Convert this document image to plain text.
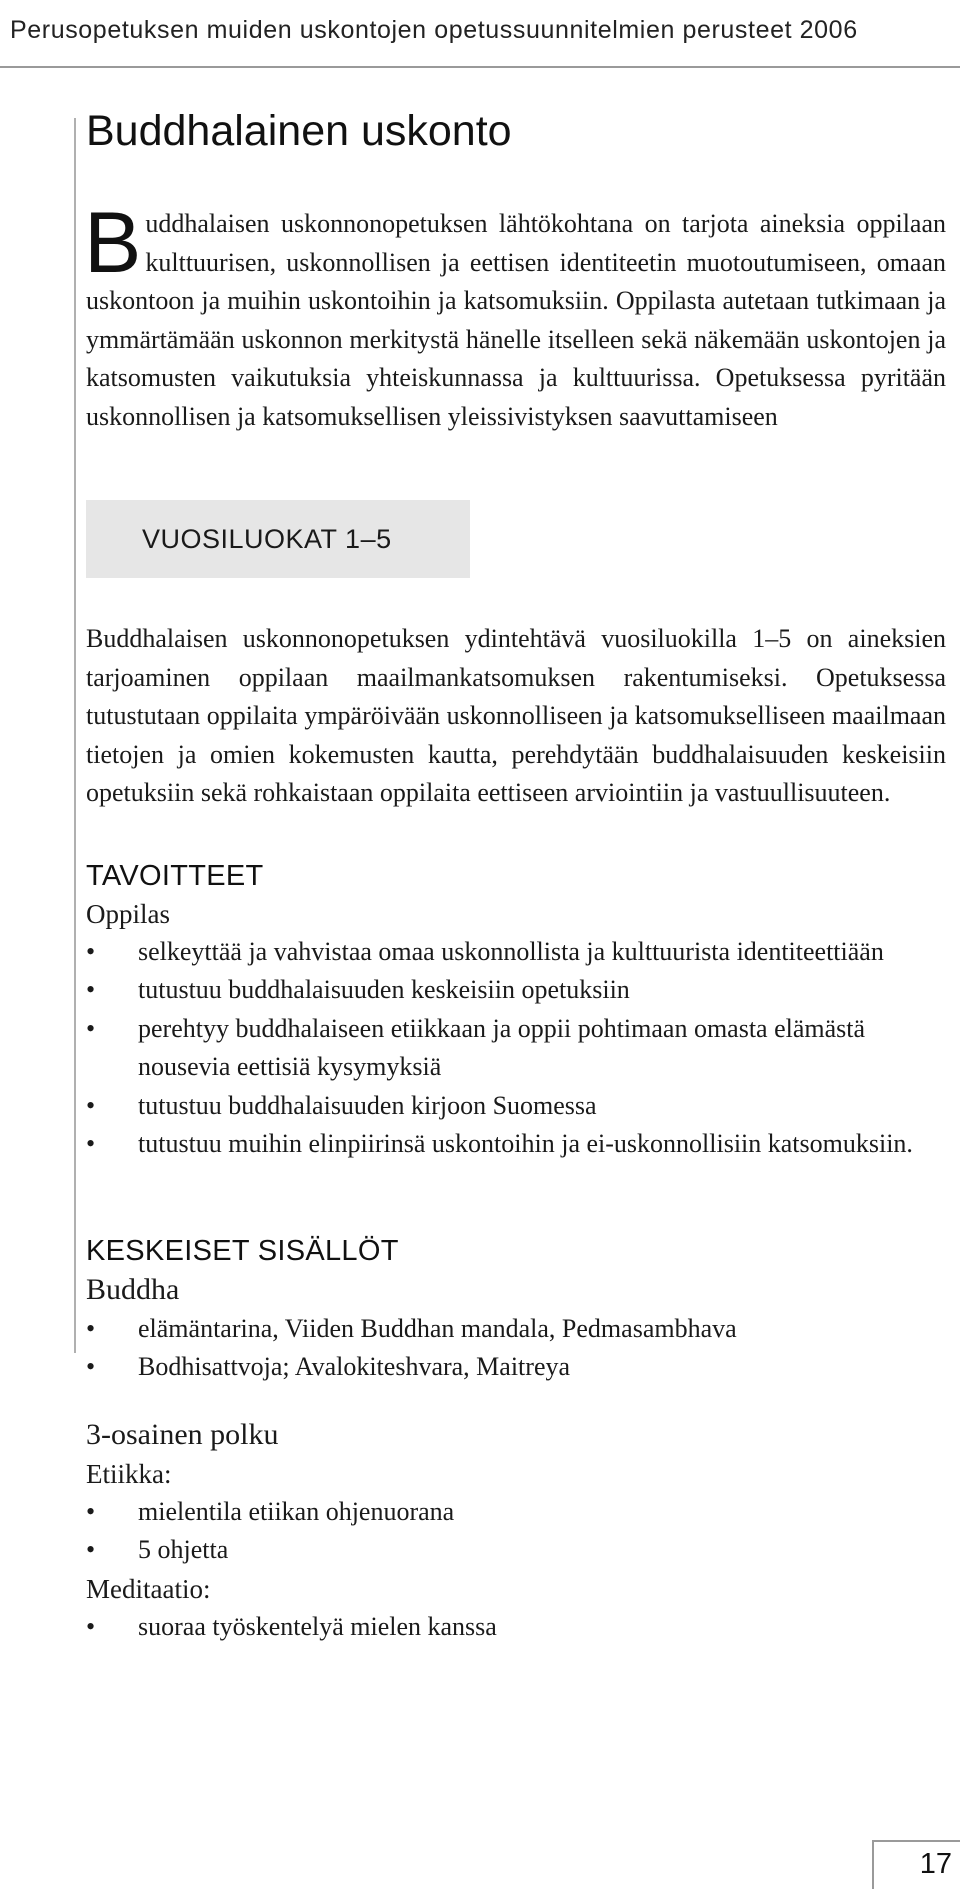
Perusopetuksen muiden uskontojen opetussuunnitelmien perusteet 2006
Buddhalainen uskonto

Buddhalaisen uskonnonopetuksen lähtökohtana on tarjota aineksia oppilaan kulttuurisen, uskonnollisen ja eettisen identiteetin muotoutumiseen, omaan uskontoon ja muihin uskontoihin ja katsomuksiin. Oppilasta autetaan tutkimaan ja ymmärtämään uskonnon merkitystä hänelle itselleen sekä näkemään uskontojen ja katsomusten vaikutuksia yhteiskunnassa ja kulttuurissa. Opetuksessa pyritään uskonnollisen ja katsomuksellisen yleissivistyksen saavuttamiseen

VUOSILUOKAT 1–5

Buddhalaisen uskonnonopetuksen ydintehtävä vuosiluokilla 1–5 on aineksien tarjoaminen oppilaan maailmankatsomuksen rakentumiseksi. Opetuksessa tutustutaan oppilaita ympäröivään uskonnolliseen ja katsomukselliseen maailmaan tietojen ja omien kokemusten kautta, perehdytään buddhalaisuuden keskeisiin opetuksiin sekä rohkaistaan oppilaita eettiseen arviointiin ja vastuullisuuteen.

TAVOITTEET
Oppilas
• selkeyttää ja vahvistaa omaa uskonnollista ja kulttuurista identiteettiään
• tutustuu buddhalaisuuden keskeisiin opetuksiin
• perehtyy buddhalaiseen etiikkaan ja oppii pohtimaan omasta elämästä nousevia eettisiä kysymyksiä
• tutustuu buddhalaisuuden kirjoon Suomessa
• tutustuu muihin elinpiirinsä uskontoihin ja ei-uskonnollisiin katsomuksiin.
KESKEISET SISÄLLÖT
Buddha
• elämäntarina, Viiden Buddhan mandala, Pedmasambhava
• Bodhisattvoja; Avalokiteshvara, Maitreya
3-osainen polku
Etiikka:
• mielentila etiikan ohjenuorana
• 5 ohjetta
Meditaatio:
• suoraa työskentelyä mielen kanssa
17
